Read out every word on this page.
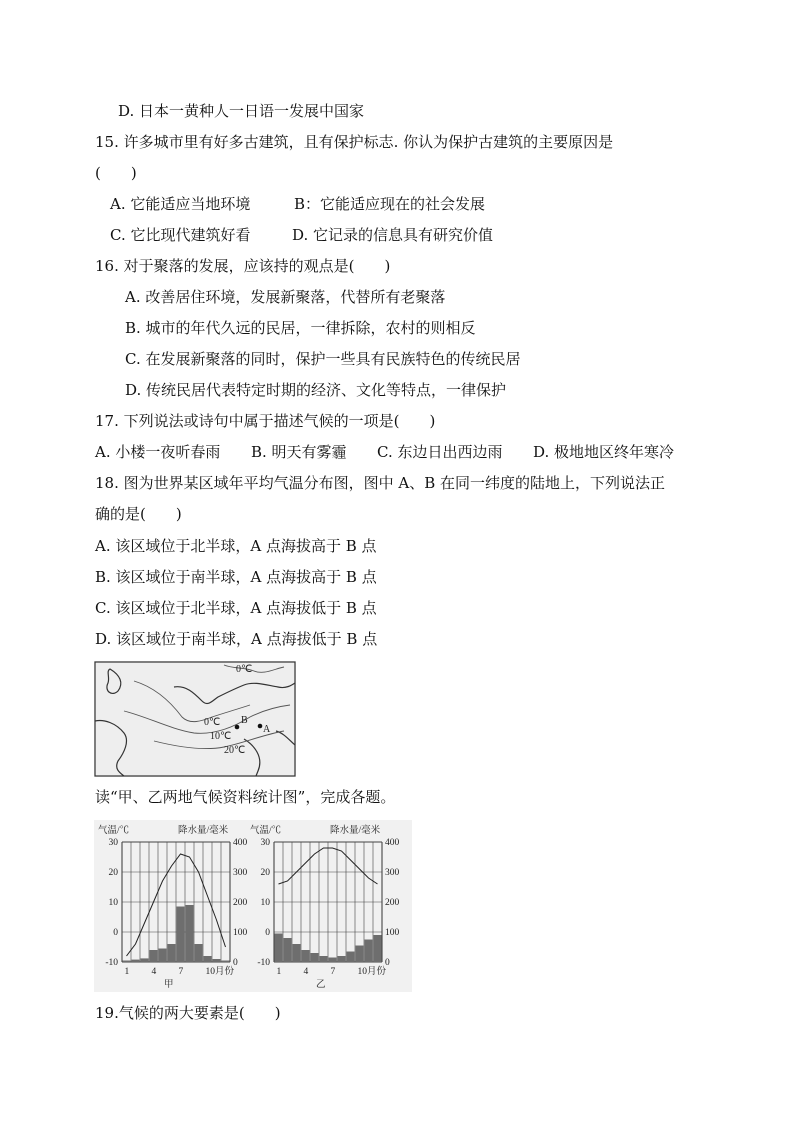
D. 日本一黄种人一日语一发展中国家
15. 许多城市里有好多古建筑，且有保护标志. 你认为保护古建筑的主要原因是
(　　)
A. 它能适应当地环境	B：它能适应现在的社会发展
C. 它比现代建筑好看	D. 它记录的信息具有研究价值
16. 对于聚落的发展，应该持的观点是(　　)
A. 改善居住环境，发展新聚落，代替所有老聚落
B. 城市的年代久远的民居，一律拆除，农村的则相反
C. 在发展新聚落的同时，保护一些具有民族特色的传统民居
D. 传统民居代表特定时期的经济、文化等特点，一律保护
17. 下列说法或诗句中属于描述气候的一项是(　　)
A. 小楼一夜听春雨 B. 明天有雾霾 C. 东边日出西边雨 D. 极地地区终年寒冷
18. 图为世界某区域年平均气温分布图，图中 A、B 在同一纬度的陆地上，下列说法正
确的是(　　)
A. 该区域位于北半球，A 点海拔高于 B 点
B. 该区域位于南半球，A 点海拔高于 B 点
C. 该区域位于北半球，A 点海拔低于 B 点
D. 该区域位于南半球，A 点海拔低于 B 点
0℃
0℃
10℃
20℃
B
A
读“甲、乙两地气候资料统计图”，完成各题。
气温/℃	降水量/毫米
30	400
20	300
10	200
0	100
-10	0
1 4 7 10月份
甲
气温/℃	降水量/毫米
30	400
20	300
10	200
0	100
-10	0
1 4 7 10月份
乙
19.气候的两大要素是(　　)
